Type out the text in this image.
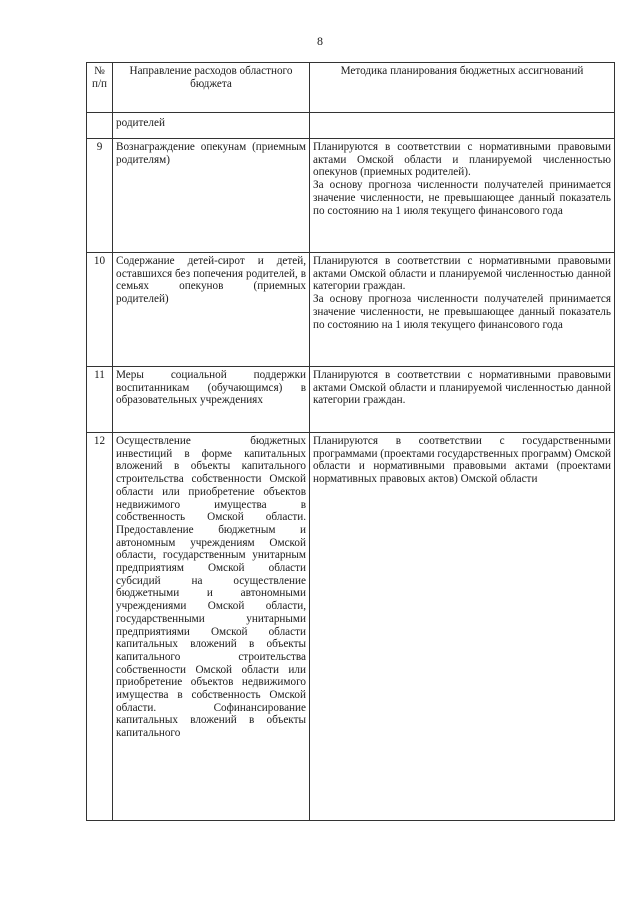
8
№ п/п	Направление расходов областного бюджета	Методика планирования бюджетных ассигнований
	родителей	
9	Вознаграждение опекунам (приемным родителям)	Планируются в соответствии с нормативными правовыми актами Омской области и планируемой численностью опекунов (приемных родителей).
За основу прогноза численности получателей принимается значение численности, не превышающее данный показатель по состоянию на 1 июля текущего финансового года

10	Содержание детей-сирот и детей, оставшихся без попечения родителей, в семьях опекунов (приемных родителей)	Планируются в соответствии с нормативными правовыми актами Омской области и планируемой численностью данной категории граждан.
За основу прогноза численности получателей принимается значение численности, не превышающее данный показатель по состоянию на 1 июля текущего финансового года

11	Меры социальной поддержки воспитанникам (обучающимся) в образовательных учреждениях	Планируются в соответствии с нормативными правовыми актами Омской области и планируемой численностью данной категории граждан.

12	Осуществление бюджетных инвестиций в форме капитальных вложений в объекты капитального строительства собственности Омской области или приобретение объектов недвижимого имущества в собственность Омской области. Предоставление бюджетным и автономным учреждениям Омской области, государственным унитарным предприятиям Омской области субсидий на осуществление бюджетными и автономными учреждениями Омской области, государственными унитарными предприятиями Омской области капитальных вложений в объекты капитального строительства собственности Омской области или приобретение объектов недвижимого имущества в собственность Омской области. Софинансирование капитальных вложений в объекты капитального	Планируются в соответствии с государственными программами (проектами государственных программ) Омской области и нормативными правовыми актами (проектами нормативных правовых актов) Омской области
